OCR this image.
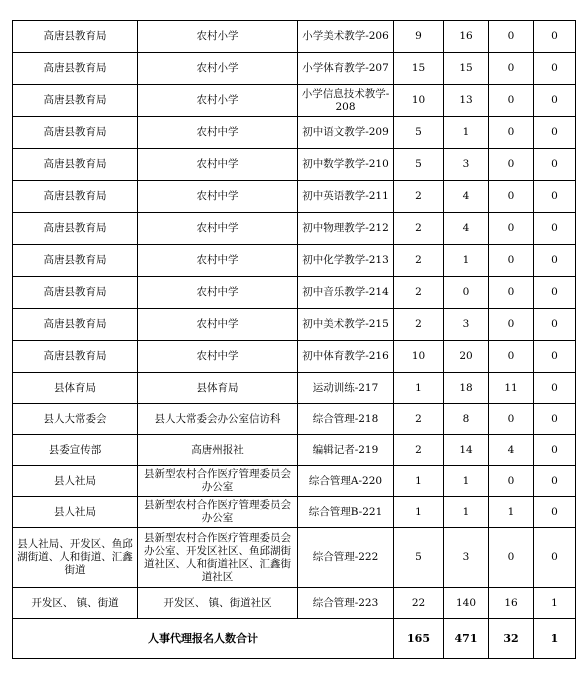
高唐县教育局	农村小学	小学美术教学-206	9	16	0	0
高唐县教育局	农村小学	小学体育教学-207	15	15	0	0
高唐县教育局	农村小学	小学信息技术教学-208	10	13	0	0
高唐县教育局	农村中学	初中语文教学-209	5	1	0	0
高唐县教育局	农村中学	初中数学教学-210	5	3	0	0
高唐县教育局	农村中学	初中英语教学-211	2	4	0	0
高唐县教育局	农村中学	初中物理教学-212	2	4	0	0
高唐县教育局	农村中学	初中化学教学-213	2	1	0	0
高唐县教育局	农村中学	初中音乐教学-214	2	0	0	0
高唐县教育局	农村中学	初中美术教学-215	2	3	0	0
高唐县教育局	农村中学	初中体育教学-216	10	20	0	0
县体育局	县体育局	运动训练-217	1	18	11	0
县人大常委会	县人大常委会办公室信访科	综合管理-218	2	8	0	0
县委宣传部	高唐州报社	编辑记者-219	2	14	4	0
县人社局	县新型农村合作医疗管理委员会办公室	综合管理A-220	1	1	0	0
县人社局	县新型农村合作医疗管理委员会办公室	综合管理B-221	1	1	1	0
县人社局、开发区、鱼邱湖街道、人和街道、汇鑫街道	县新型农村合作医疗管理委员会办公室、开发区社区、鱼邱湖街道社区、人和街道社区、汇鑫街道社区	综合管理-222	5	3	0	0
开发区、 镇、街道	开发区、 镇、街道社区	综合管理-223	22	140	16	1
人事代理报名人数合计			165	471	32	1
